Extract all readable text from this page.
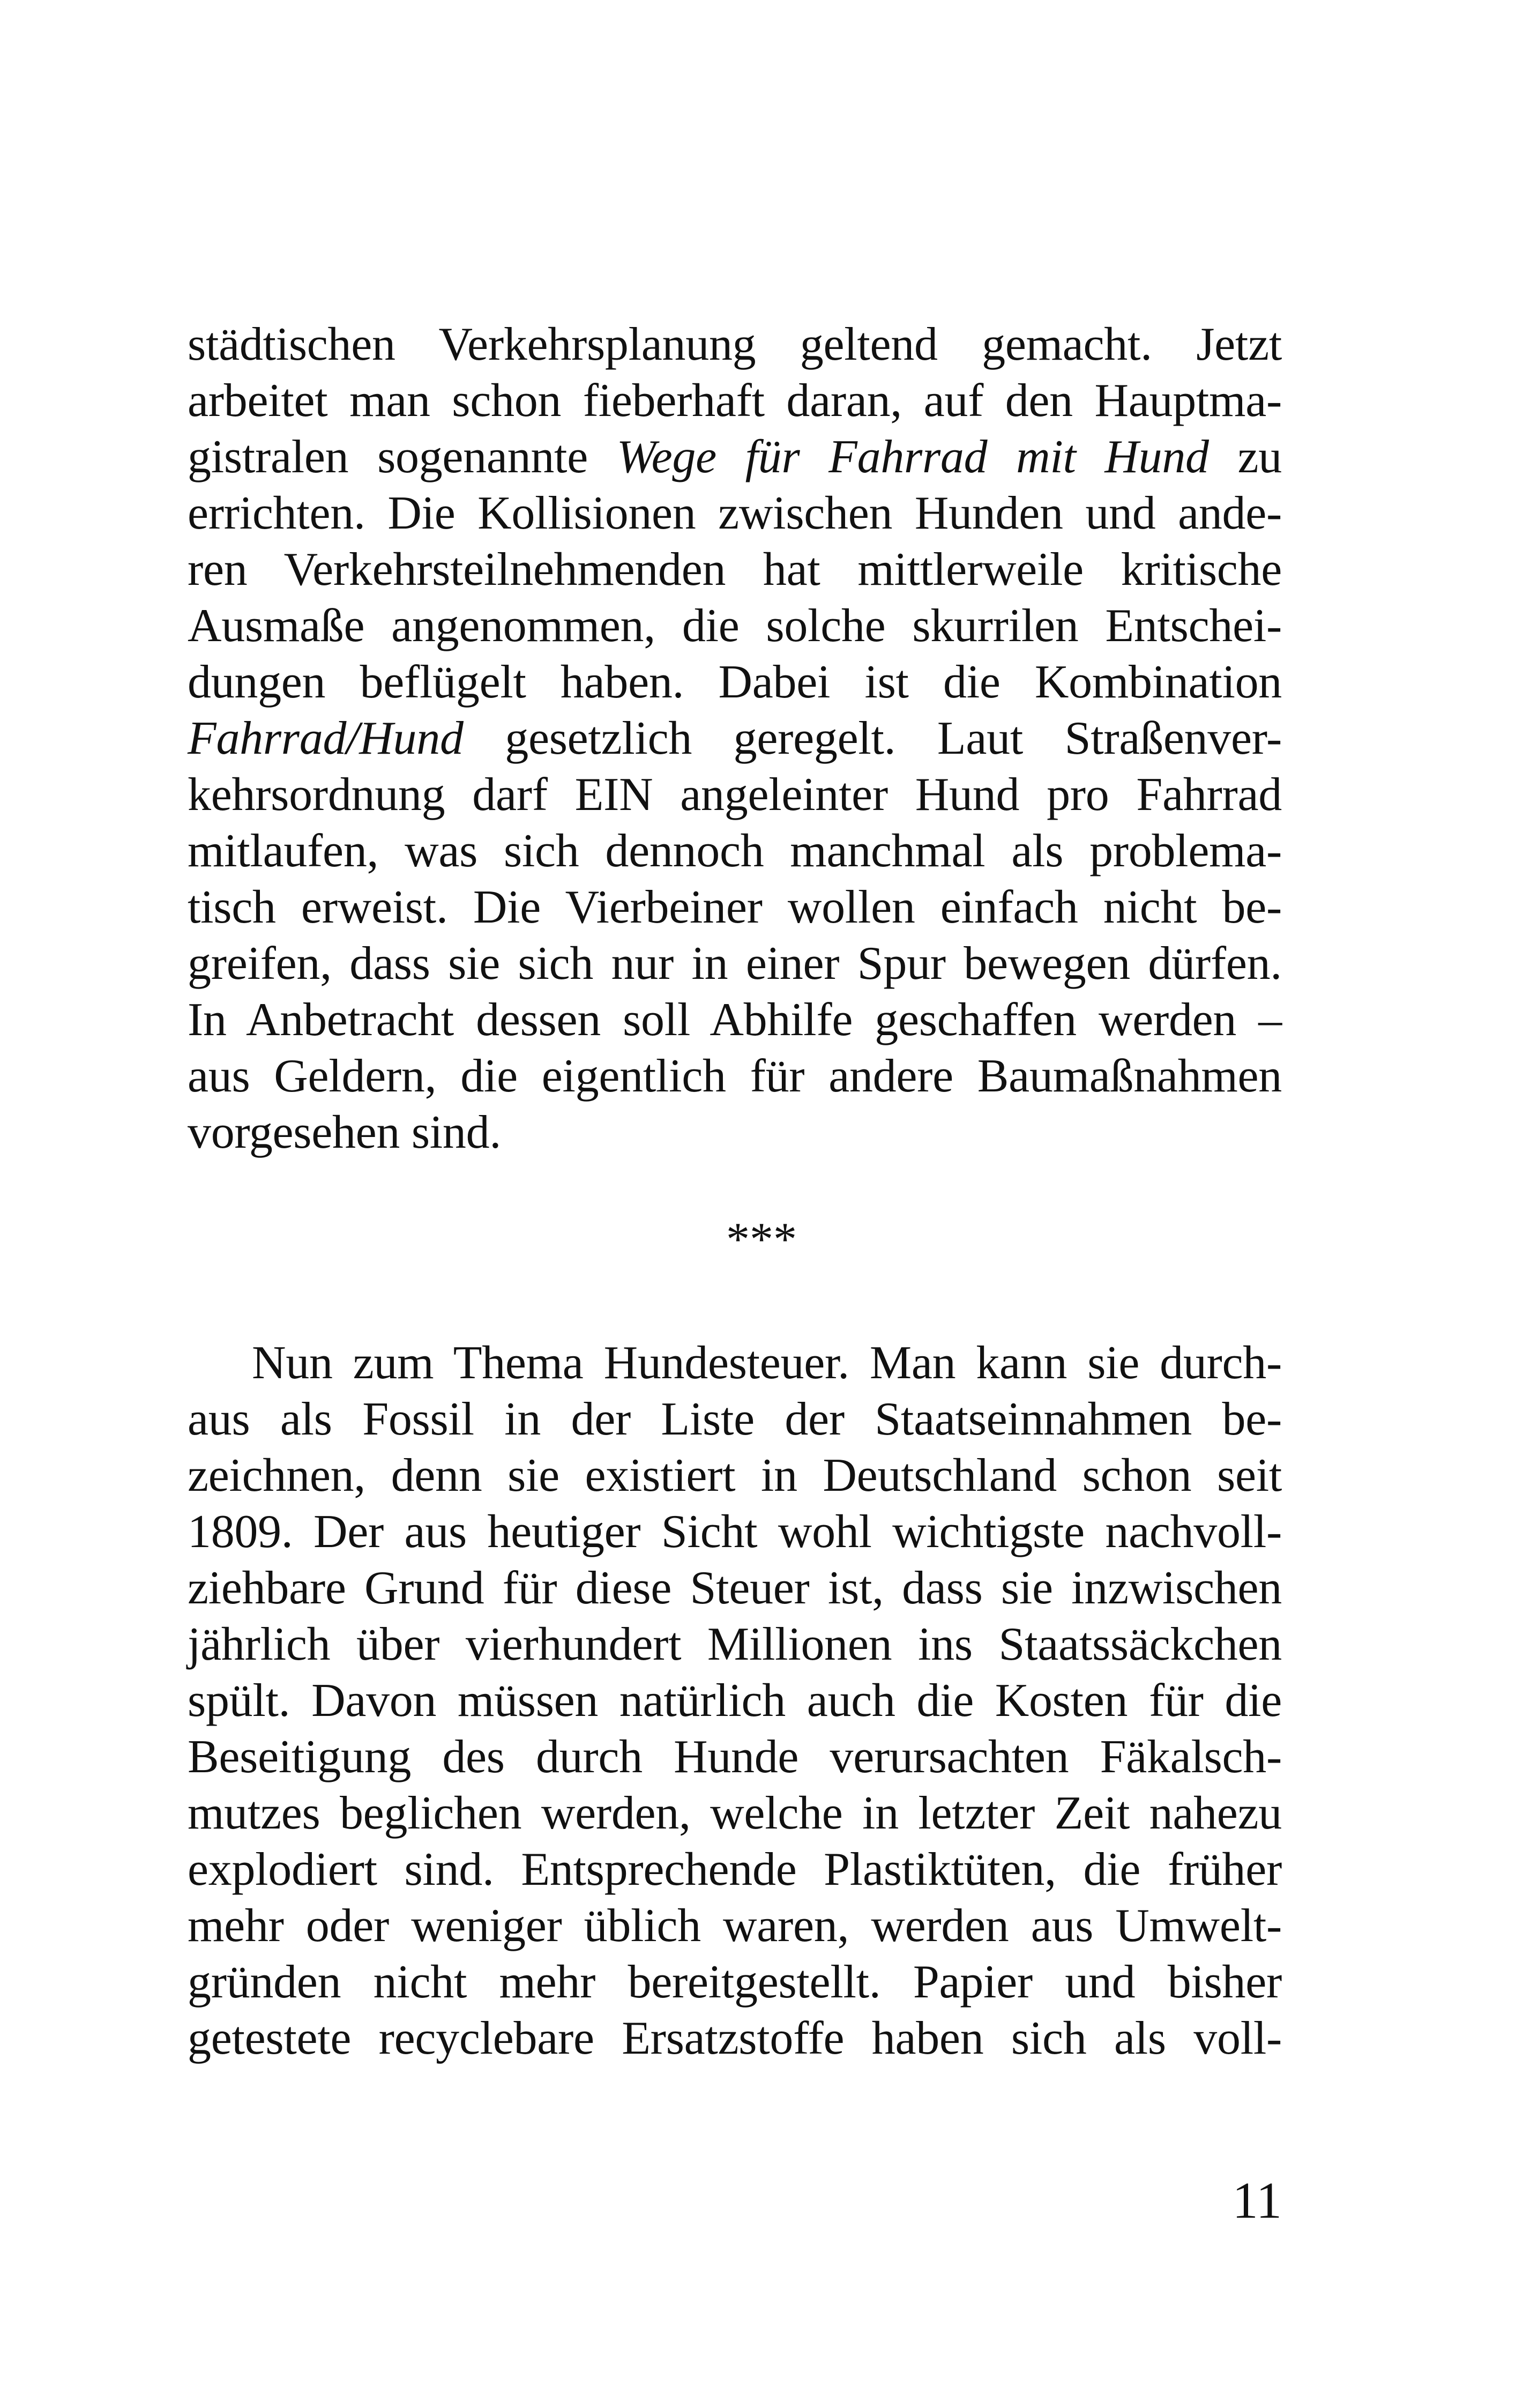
städtischen Verkehrsplanung geltend gemacht. Jetzt
arbeitet man schon fieberhaft daran, auf den Hauptma-
gistralen sogenannte Wege für Fahrrad mit Hund zu
errichten. Die Kollisionen zwischen Hunden und ande-
ren Verkehrsteilnehmenden hat mittlerweile kritische
Ausmaße angenommen, die solche skurrilen Entschei-
dungen beflügelt haben. Dabei ist die Kombination
Fahrrad/Hund gesetzlich geregelt. Laut Straßenver-
kehrsordnung darf EIN angeleinter Hund pro Fahrrad
mitlaufen, was sich dennoch manchmal als problema-
tisch erweist. Die Vierbeiner wollen einfach nicht be-
greifen, dass sie sich nur in einer Spur bewegen dürfen.
In Anbetracht dessen soll Abhilfe geschaffen werden –
aus Geldern, die eigentlich für andere Baumaßnahmen
vorgesehen sind.
***
Nun zum Thema Hundesteuer. Man kann sie durch-
aus als Fossil in der Liste der Staatseinnahmen be-
zeichnen, denn sie existiert in Deutschland schon seit
1809. Der aus heutiger Sicht wohl wichtigste nachvoll-
ziehbare Grund für diese Steuer ist, dass sie inzwischen
jährlich über vierhundert Millionen ins Staatssäckchen
spült. Davon müssen natürlich auch die Kosten für die
Beseitigung des durch Hunde verursachten Fäkalsch-
mutzes beglichen werden, welche in letzter Zeit nahezu
explodiert sind. Entsprechende Plastiktüten, die früher
mehr oder weniger üblich waren, werden aus Umwelt-
gründen nicht mehr bereitgestellt. Papier und bisher
getestete recyclebare Ersatzstoffe haben sich als voll-
11
